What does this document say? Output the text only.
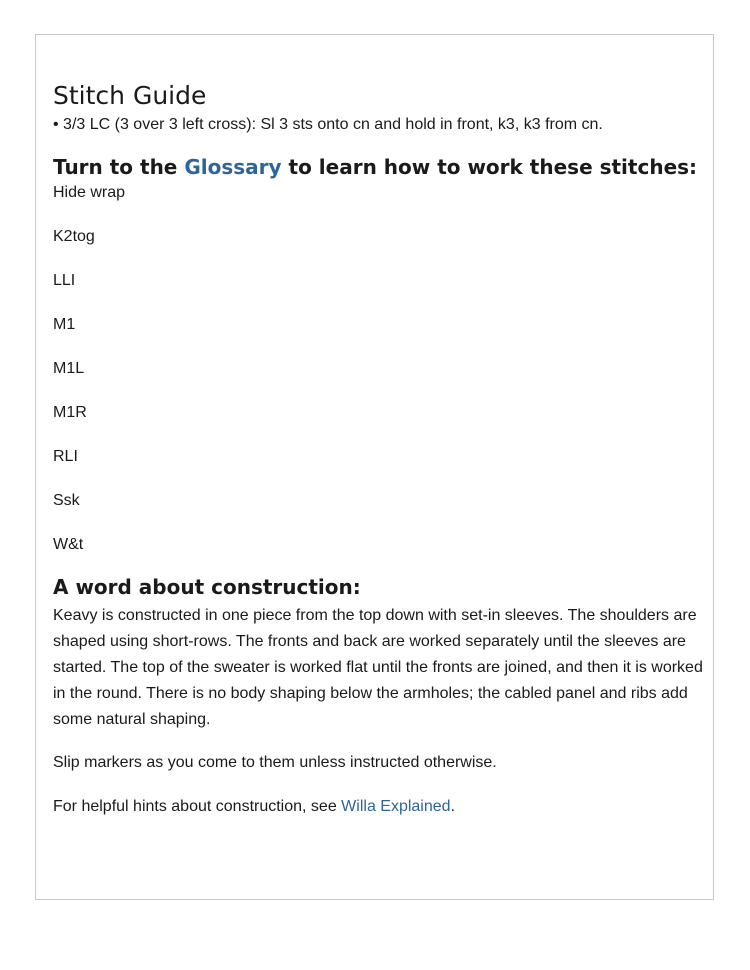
Stitch Guide

• 3/3 LC (3 over 3 left cross): Sl 3 sts onto cn and hold in front, k3, k3 from cn.

Turn to the Glossary to learn how to work these stitches:
Hide wrap
K2tog
LLI
M1
M1L
M1R
RLI
Ssk
W&t
A word about construction:

Keavy is constructed in one piece from the top down with set-in sleeves. The shoulders are shaped using short-rows. The fronts and back are worked separately until the sleeves are started. The top of the sweater is worked flat until the fronts are joined, and then it is worked in the round. There is no body shaping below the armholes; the cabled panel and ribs add some natural shaping.

Slip markers as you come to them unless instructed otherwise.

For helpful hints about construction, see Willa Explained.
